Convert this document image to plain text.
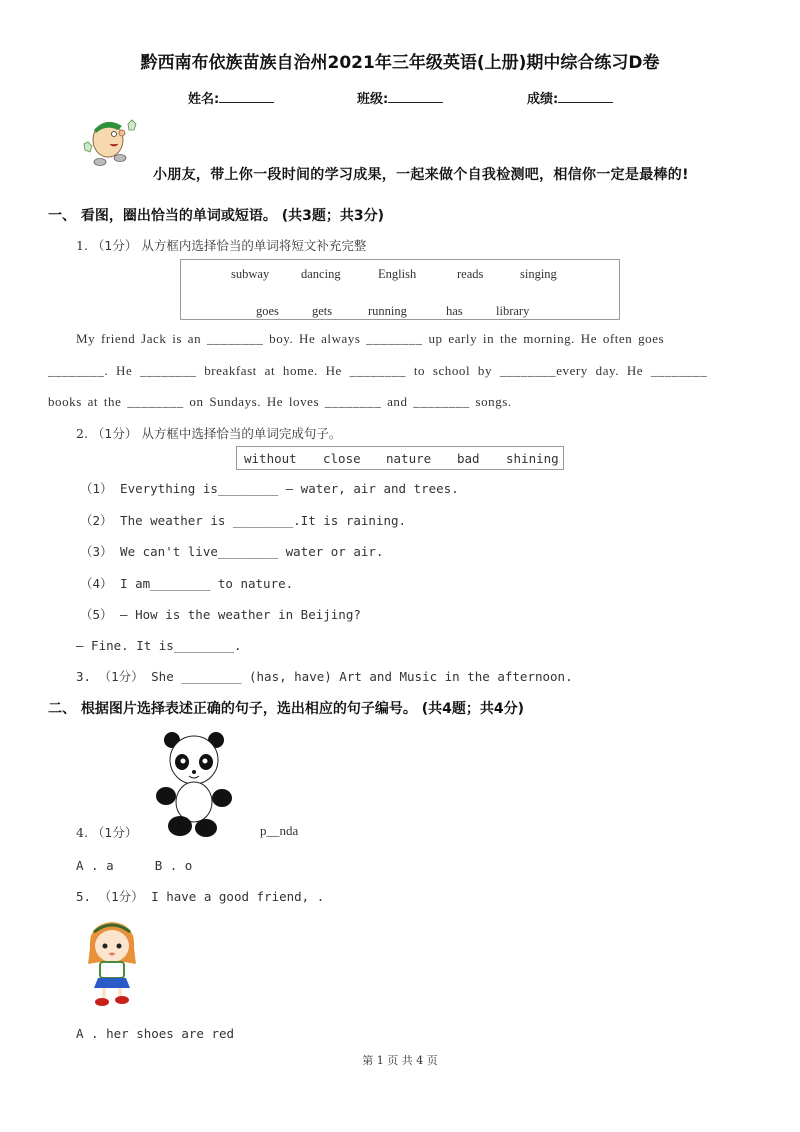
黔西南布依族苗族自治州2021年三年级英语(上册)期中综合练习D卷
姓名:	班级:	成绩:
小朋友，带上你一段时间的学习成果，一起来做个自我检测吧，相信你一定是最棒的!
一、 看图，圈出恰当的单词或短语。 (共3题；共3分)
1. （1分） 从方框内选择恰当的单词将短文补充完整
subway	dancing	English	reads	singing
goes	gets	running	has	library
My friend Jack is an ________ boy. He always ________ up early in the morning. He often goes
________. He ________ breakfast at home. He ________ to school by ________every day. He ________
books at the ________ on Sundays. He loves ________ and ________ songs.
2. （1分） 从方框中选择恰当的单词完成句子。
without close nature bad shining
（1） Everything is________ — water, air and trees.
（2） The weather is ________.It is raining.
（3） We can't live________ water or air.
（4） I am________ to nature.
（5） — How is the weather in Beijing?
— Fine. It is________.
3. （1分） She ________ (has, have) Art and Music in the afternoon.
二、 根据图片选择表述正确的句子，选出相应的句子编号。 (共4题；共4分)
4. （1分）	p__nda
A . a	B . o
5. （1分） I have a good friend, .
A . her shoes are red
第 1 页 共 4 页
